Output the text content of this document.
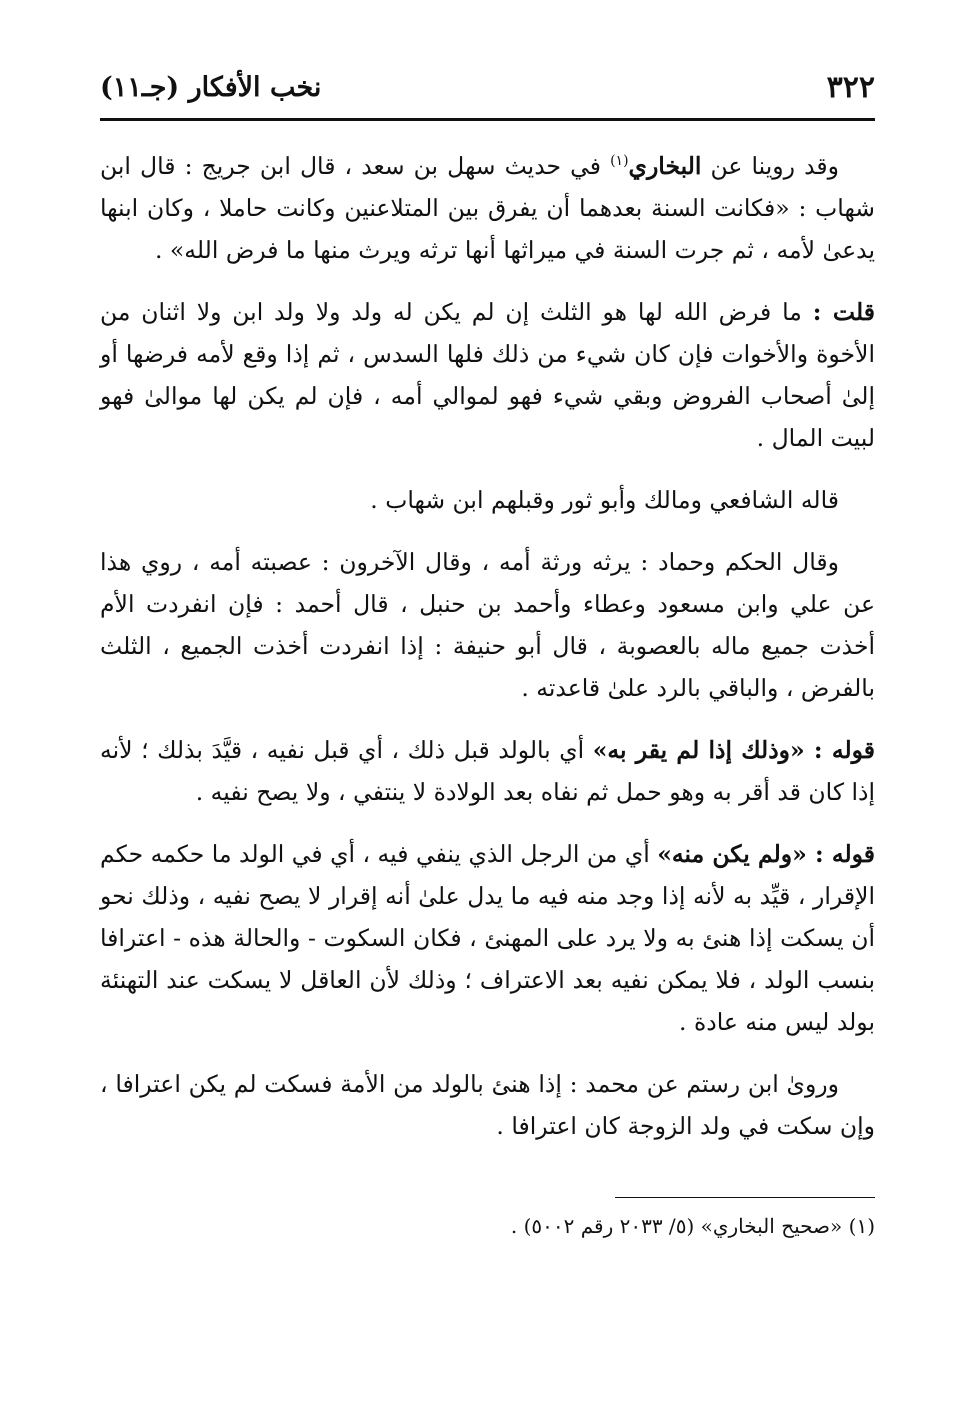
٣٢٢
نخب الأفكار (جـ١١)

وقد روينا عن البخاري$^{(١)}$ في حديث سهل بن سعد ، قال ابن جريج : قال ابن شهاب : «فكانت السنة بعدهما أن يفرق بين المتلاعنين وكانت حاملا ، وكان ابنها يدعىٰ لأمه ، ثم جرت السنة في ميراثها أنها ترثه ويرث منها ما فرض الله» .

قلت : ما فرض الله لها هو الثلث إن لم يكن له ولد ولا ولد ابن ولا اثنان من الأخوة والأخوات فإن كان شيء من ذلك فلها السدس ، ثم إذا وقع لأمه فرضها أو إلىٰ أصحاب الفروض وبقي شيء فهو لموالي أمه ، فإن لم يكن لها موالىٰ فهو لبيت المال .

قاله الشافعي ومالك وأبو ثور وقبلهم ابن شهاب .

وقال الحكم وحماد : يرثه ورثة أمه ، وقال الآخرون : عصبته أمه ، روي هذا عن علي وابن مسعود وعطاء وأحمد بن حنبل ، قال أحمد : فإن انفردت الأم أخذت جميع ماله بالعصوبة ، قال أبو حنيفة : إذا انفردت أخذت الجميع ، الثلث بالفرض ، والباقي بالرد علىٰ قاعدته .

قوله : «وذلك إذا لم يقر به» أي بالولد قبل ذلك ، أي قبل نفيه ، قيَّدَ بذلك ؛ لأنه إذا كان قد أقر به وهو حمل ثم نفاه بعد الولادة لا ينتفي ، ولا يصح نفيه .

قوله : «ولم يكن منه» أي من الرجل الذي ينفي فيه ، أي في الولد ما حكمه حكم الإقرار ، قيِّد به لأنه إذا وجد منه فيه ما يدل علىٰ أنه إقرار لا يصح نفيه ، وذلك نحو أن يسكت إذا هنئ به ولا يرد على المهنئ ، فكان السكوت - والحالة هذه - اعترافا بنسب الولد ، فلا يمكن نفيه بعد الاعتراف ؛ وذلك لأن العاقل لا يسكت عند التهنئة بولد ليس منه عادة .

وروىٰ ابن رستم عن محمد : إذا هنئ بالولد من الأمة فسكت لم يكن اعترافا ، وإن سكت في ولد الزوجة كان اعترافا .

(١) «صحيح البخاري» (٥/ ٢٠٣٣ رقم ٥٠٠٢) .
